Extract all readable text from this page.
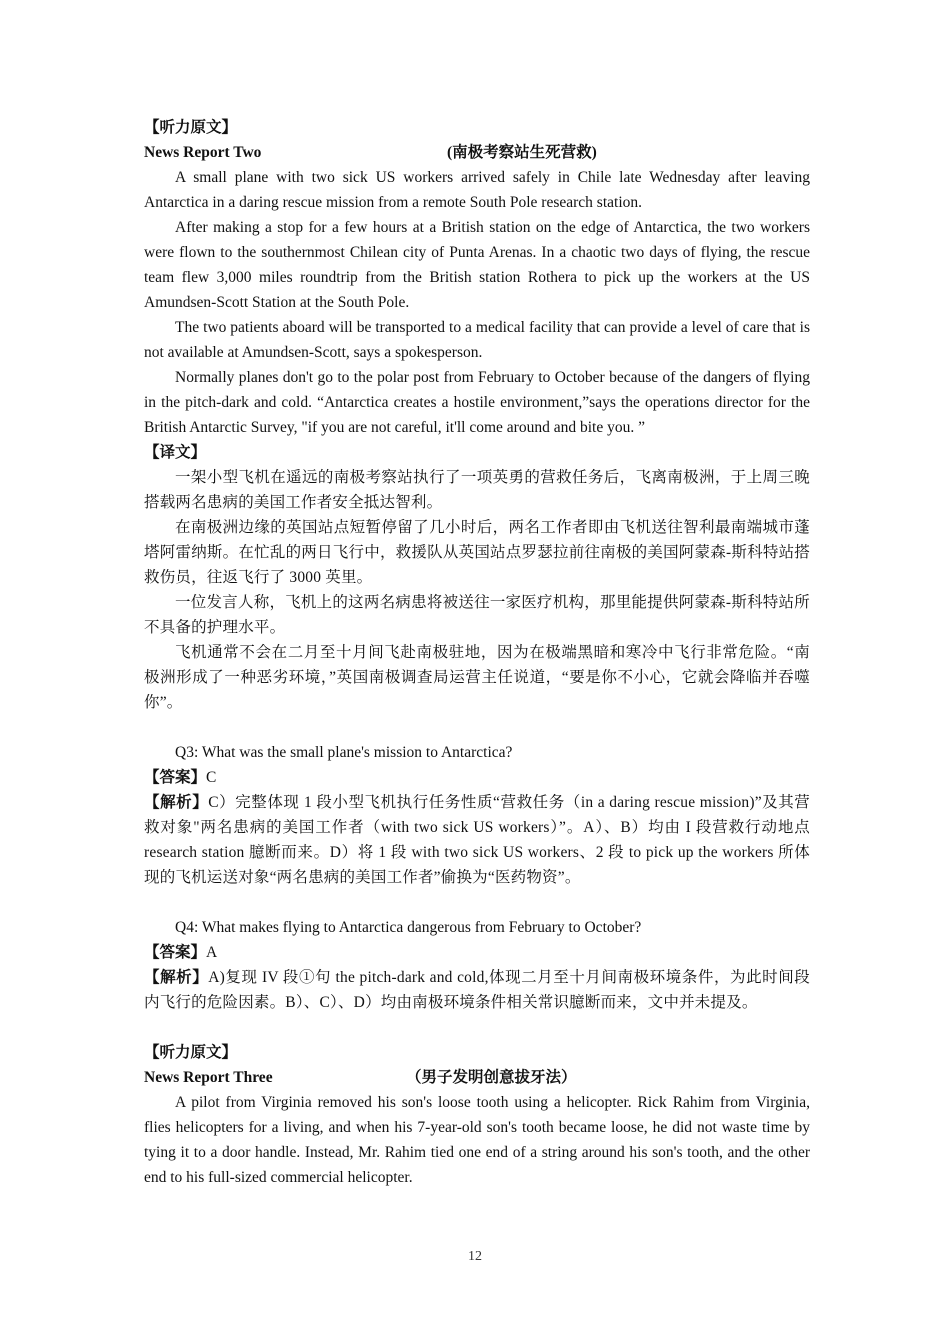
【听力原文】

News Report Two	(南极考察站生死营救)

A small plane with two sick US workers arrived safely in Chile late Wednesday after leaving Antarctica in a daring rescue mission from a remote South Pole research station.

After making a stop for a few hours at a British station on the edge of Antarctica, the two workers were flown to the southernmost Chilean city of Punta Arenas. In a chaotic two days of flying, the rescue team flew 3,000 miles roundtrip from the British station Rothera to pick up the workers at the US Amundsen-Scott Station at the South Pole.

The two patients aboard will be transported to a medical facility that can provide a level of care that is not available at Amundsen-Scott, says a spokesperson.

Normally planes don't go to the polar post from February to October because of the dangers of flying in the pitch-dark and cold. “Antarctica creates a hostile environment,”says the operations director for the British Antarctic Survey, "if you are not careful, it'll come around and bite you. ”

【译文】

一架小型飞机在遥远的南极考察站执行了一项英勇的营救任务后，飞离南极洲，于上周三晚搭载两名患病的美国工作者安全抵达智利。

在南极洲边缘的英国站点短暂停留了几小时后，两名工作者即由飞机送往智利最南端城市蓬塔阿雷纳斯。在忙乱的两日飞行中，救援队从英国站点罗瑟拉前往南极的美国阿蒙森-斯科特站搭救伤员，往返飞行了 3000 英里。

一位发言人称，飞机上的这两名病患将被送往一家医疗机构，那里能提供阿蒙森-斯科特站所不具备的护理水平。

飞机通常不会在二月至十月间飞赴南极驻地，因为在极端黑暗和寒冷中飞行非常危险。“南极洲形成了一种恶劣环境，”英国南极调查局运营主任说道，“要是你不小心，它就会降临并吞噬你”。

Q3: What was the small plane's mission to Antarctica?

【答案】C

【解析】C）完整体现 1 段小型飞机执行任务性质“营救任务（in a daring rescue mission)”及其营救对象"两名患病的美国工作者（with two sick US workers）”。A）、B）均由 I 段营救行动地点 research station 臆断而来。D）将 1 段 with two sick US workers、2 段 to pick up the workers 所体现的飞机运送对象“两名患病的美国工作者”偷换为“医药物资”。

Q4: What makes flying to Antarctica dangerous from February to October?

【答案】A

【解析】A)复现 IV 段①句 the pitch-dark and cold,体现二月至十月间南极环境条件，为此时间段内飞行的危险因素。B）、C）、D）均由南极环境条件相关常识臆断而来，文中并未提及。

【听力原文】

News Report Three	（男子发明创意拔牙法）

A pilot from Virginia removed his son's loose tooth using a helicopter. Rick Rahim from Virginia, flies helicopters for a living, and when his 7-year-old son's tooth became loose, he did not waste time by tying it to a door handle. Instead, Mr. Rahim tied one end of a string around his son's tooth, and the other end to his full-sized commercial helicopter.

12
